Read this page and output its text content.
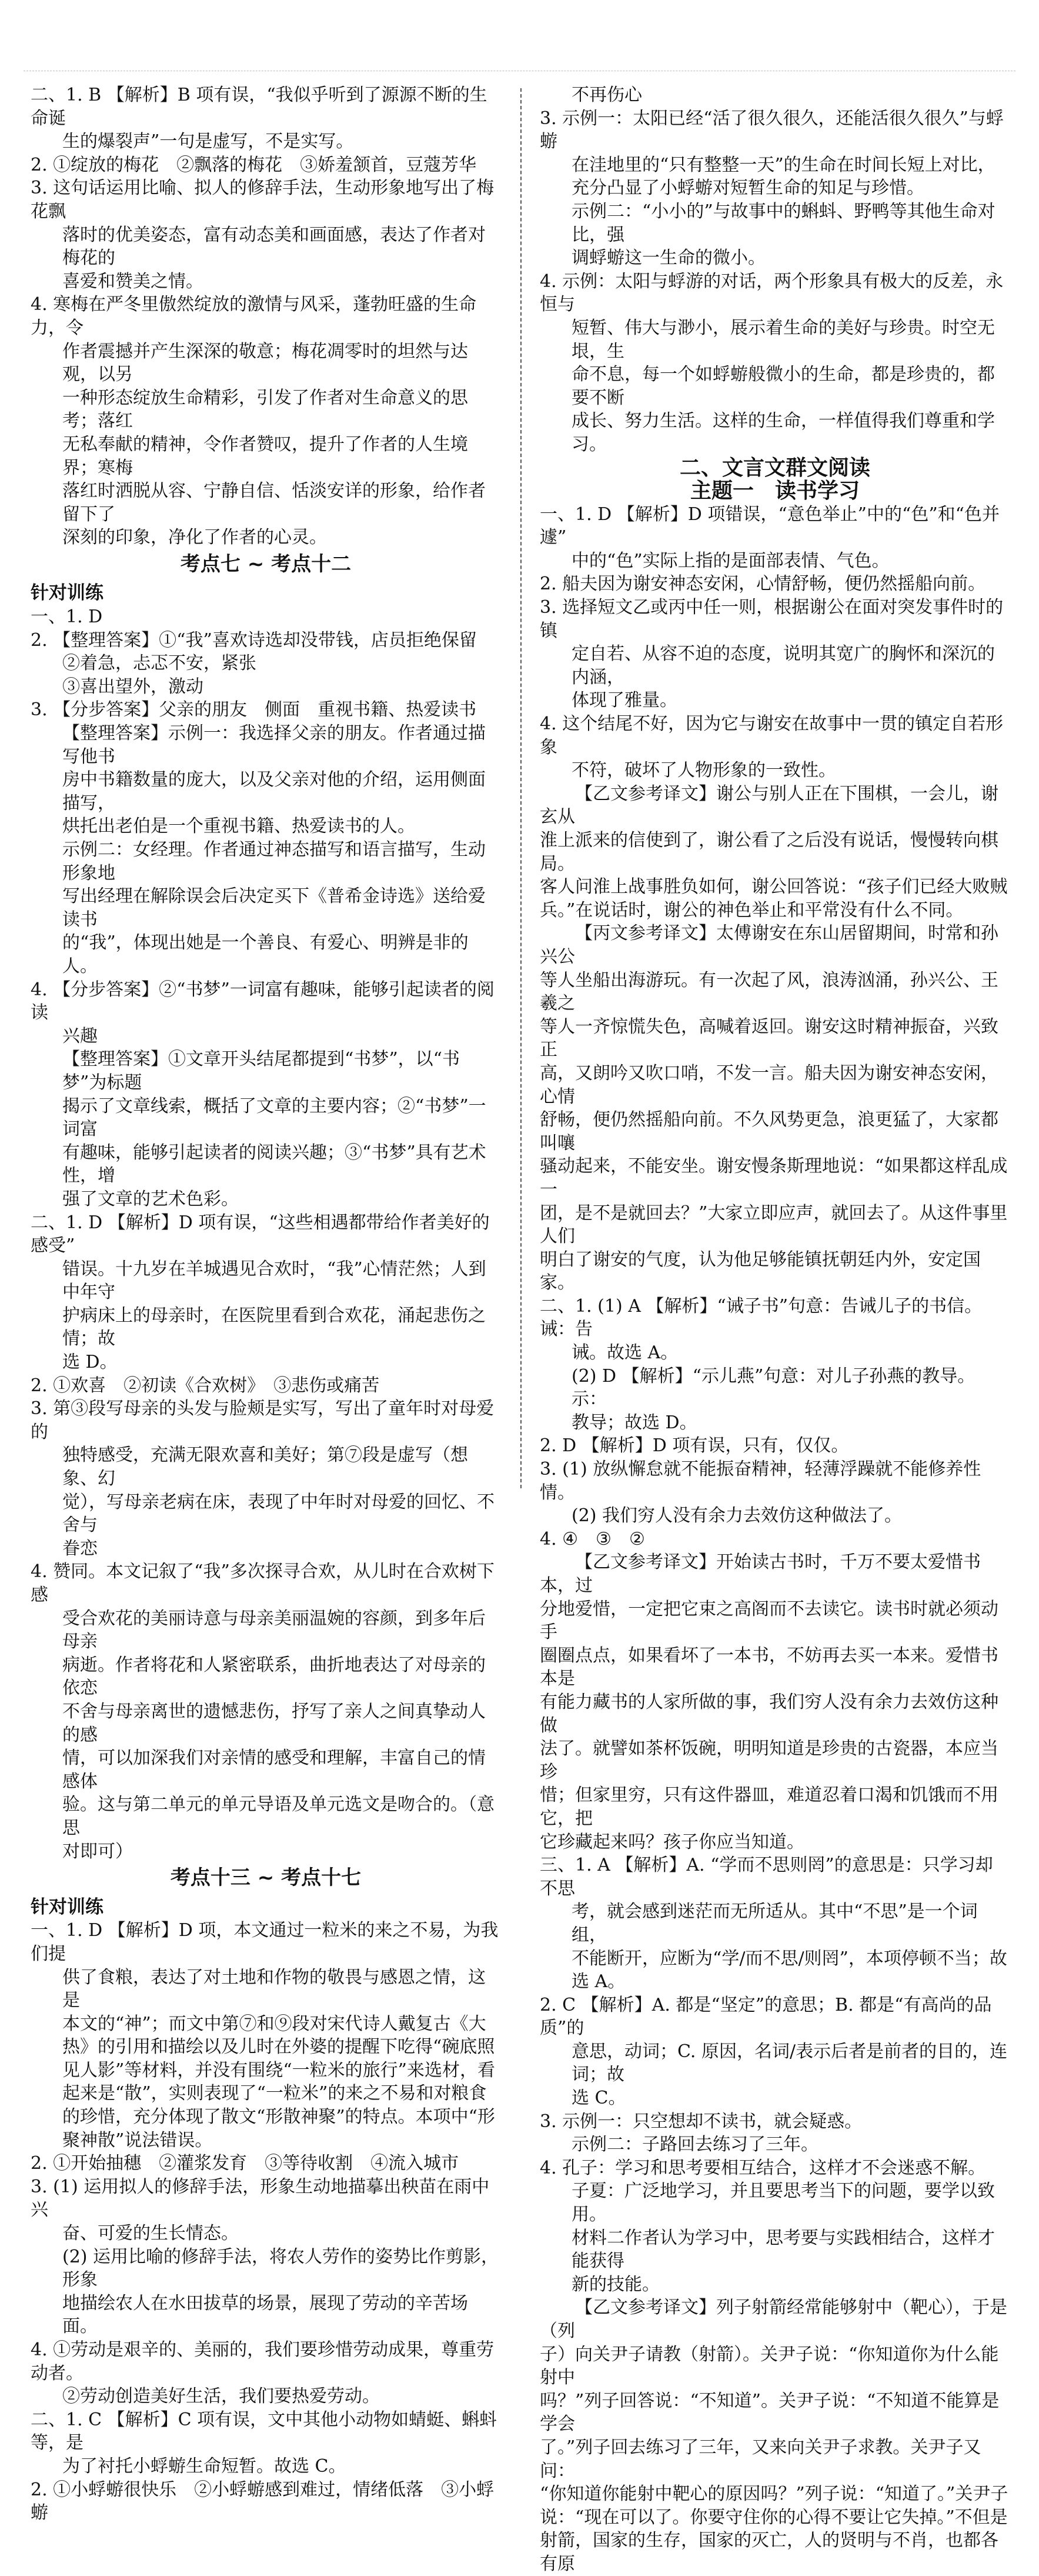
二、1. B 【解析】B 项有误，“我似乎听到了源源不断的生命诞

生的爆裂声”一句是虚写，不是实写。

2. ①绽放的梅花　②飘落的梅花　③娇羞颔首，豆蔻芳华

3. 这句话运用比喻、拟人的修辞手法，生动形象地写出了梅花飘

落时的优美姿态，富有动态美和画面感，表达了作者对梅花的

喜爱和赞美之情。

4. 寒梅在严冬里傲然绽放的激情与风采，蓬勃旺盛的生命力，令

作者震撼并产生深深的敬意；梅花凋零时的坦然与达观，以另

一种形态绽放生命精彩，引发了作者对生命意义的思考；落红

无私奉献的精神，令作者赞叹，提升了作者的人生境界；寒梅

落红时洒脱从容、宁静自信、恬淡安详的形象，给作者留下了

深刻的印象，净化了作者的心灵。

考点七 ~ 考点十二

针对训练

一、1. D

2. 【整理答案】①“我”喜欢诗选却没带钱，店员拒绝保留

②着急，忐忑不安，紧张

③喜出望外，激动

3. 【分步答案】父亲的朋友　侧面　重视书籍、热爱读书

【整理答案】示例一：我选择父亲的朋友。作者通过描写他书

房中书籍数量的庞大，以及父亲对他的介绍，运用侧面描写，

烘托出老伯是一个重视书籍、热爱读书的人。

示例二：女经理。作者通过神态描写和语言描写，生动形象地

写出经理在解除误会后决定买下《普希金诗选》送给爱读书

的“我”，体现出她是一个善良、有爱心、明辨是非的人。

4. 【分步答案】②“书梦”一词富有趣味，能够引起读者的阅读

兴趣

【整理答案】①文章开头结尾都提到“书梦”，以“书梦”为标题

揭示了文章线索，概括了文章的主要内容；②“书梦”一词富

有趣味，能够引起读者的阅读兴趣；③“书梦”具有艺术性，增

强了文章的艺术色彩。

二、1. D 【解析】D 项有误，“这些相遇都带给作者美好的感受”

错误。十九岁在羊城遇见合欢时，“我”心情茫然；人到中年守

护病床上的母亲时，在医院里看到合欢花，涌起悲伤之情；故

选 D。

2. ①欢喜　②初读《合欢树》　③悲伤或痛苦

3. 第③段写母亲的头发与脸颊是实写，写出了童年时对母爱的

独特感受，充满无限欢喜和美好；第⑦段是虚写（想象、幻

觉），写母亲老病在床，表现了中年时对母爱的回忆、不舍与

眷恋

4. 赞同。本文记叙了“我”多次探寻合欢，从儿时在合欢树下感

受合欢花的美丽诗意与母亲美丽温婉的容颜，到多年后母亲

病逝。作者将花和人紧密联系，曲折地表达了对母亲的依恋

不舍与母亲离世的遗憾悲伤，抒写了亲人之间真挚动人的感

情，可以加深我们对亲情的感受和理解，丰富自己的情感体

验。这与第二单元的单元导语及单元选文是吻合的。（意思

对即可）

考点十三 ~ 考点十七

针对训练

一、1. D 【解析】D 项，本文通过一粒米的来之不易，为我们提

供了食粮，表达了对土地和作物的敬畏与感恩之情，这是

本文的“神”；而文中第⑦和⑨段对宋代诗人戴复古《大

热》的引用和描绘以及儿时在外婆的提醒下吃得“碗底照

见人影”等材料，并没有围绕“一粒米的旅行”来选材，看

起来是“散”，实则表现了“一粒米”的来之不易和对粮食

的珍惜，充分体现了散文“形散神聚”的特点。本项中“形

聚神散”说法错误。

2. ①开始抽穗　②灌浆发育　③等待收割　④流入城市

3. (1) 运用拟人的修辞手法，形象生动地描摹出秧苗在雨中兴

奋、可爱的生长情态。

(2) 运用比喻的修辞手法，将农人劳作的姿势比作剪影，形象

地描绘农人在水田拔草的场景，展现了劳动的辛苦场面。

4. ①劳动是艰辛的、美丽的，我们要珍惜劳动成果，尊重劳动者。

②劳动创造美好生活，我们要热爱劳动。

二、1. C 【解析】C 项有误，文中其他小动物如蜻蜓、蝌蚪等，是

为了衬托小蜉蝣生命短暂。故选 C。

2. ①小蜉蝣很快乐　②小蜉蝣感到难过，情绪低落　③小蜉蝣

不再伤心

3. 示例一：太阳已经“活了很久很久，还能活很久很久”与蜉蝣

在洼地里的“只有整整一天”的生命在时间长短上对比，

充分凸显了小蜉蝣对短暂生命的知足与珍惜。

示例二：“小小的”与故事中的蝌蚪、野鸭等其他生命对比，强

调蜉蝣这一生命的微小。

4. 示例：太阳与蜉游的对话，两个形象具有极大的反差，永恒与

短暂、伟大与渺小，展示着生命的美好与珍贵。时空无垠，生

命不息，每一个如蜉蝣般微小的生命，都是珍贵的，都要不断

成长、努力生活。这样的生命，一样值得我们尊重和学习。

二、文言文群文阅读

主题一　读书学习

一、1. D 【解析】D 项错误，“意色举止”中的“色”和“色并遽”

中的“色”实际上指的是面部表情、气色。

2. 船夫因为谢安神态安闲，心情舒畅，便仍然摇船向前。

3. 选择短文乙或丙中任一则，根据谢公在面对突发事件时的镇

定自若、从容不迫的态度，说明其宽广的胸怀和深沉的内涵，

体现了雅量。

4. 这个结尾不好，因为它与谢安在故事中一贯的镇定自若形象

不符，破坏了人物形象的一致性。

【乙文参考译文】谢公与别人正在下围棋，一会儿，谢玄从

淮上派来的信使到了，谢公看了之后没有说话，慢慢转向棋局。

客人问淮上战事胜负如何，谢公回答说：“孩子们已经大败贼

兵。”在说话时，谢公的神色举止和平常没有什么不同。

【丙文参考译文】太傅谢安在东山居留期间，时常和孙兴公

等人坐船出海游玩。有一次起了风，浪涛汹涌，孙兴公、王羲之

等人一齐惊慌失色，高喊着返回。谢安这时精神振奋，兴致正

高，又朗吟又吹口哨，不发一言。船夫因为谢安神态安闲，心情

舒畅，便仍然摇船向前。不久风势更急，浪更猛了，大家都叫嚷

骚动起来，不能安坐。谢安慢条斯理地说：“如果都这样乱成一

团，是不是就回去？”大家立即应声，就回去了。从这件事里人们

明白了谢安的气度，认为他足够能镇抚朝廷内外，安定国家。

二、1. (1) A 【解析】“诫子书”句意：告诫儿子的书信。诫：告

诫。故选 A。

(2) D 【解析】“示儿燕”句意：对儿子孙燕的教导。示：

教导；故选 D。

2. D 【解析】D 项有误，只有，仅仅。

3. (1) 放纵懈怠就不能振奋精神，轻薄浮躁就不能修养性情。

(2) 我们穷人没有余力去效仿这种做法了。

4. ④　③　②

【乙文参考译文】开始读古书时，千万不要太爱惜书本，过

分地爱惜，一定把它束之高阁而不去读它。读书时就必须动手

圈圈点点，如果看坏了一本书，不妨再去买一本来。爱惜书本是

有能力藏书的人家所做的事，我们穷人没有余力去效仿这种做

法了。就譬如茶杯饭碗，明明知道是珍贵的古瓷器，本应当珍

惜；但家里穷，只有这件器皿，难道忍着口渴和饥饿而不用它，把

它珍藏起来吗？孩子你应当知道。

三、1. A 【解析】A. “学而不思则罔”的意思是：只学习却不思

考，就会感到迷茫而无所适从。其中“不思”是一个词组，

不能断开，应断为“学/而不思/则罔”，本项停顿不当；故

选 A。

2. C 【解析】A. 都是“坚定”的意思；B. 都是“有高尚的品质”的

意思，动词；C. 原因，名词/表示后者是前者的目的，连词；故

选 C。

3. 示例一：只空想却不读书，就会疑惑。

示例二：子路回去练习了三年。

4. 孔子：学习和思考要相互结合，这样才不会迷惑不解。

子夏：广泛地学习，并且要思考当下的问题，要学以致用。

材料二作者认为学习中，思考要与实践相结合，这样才能获得

新的技能。

【乙文参考译文】列子射箭经常能够射中（靶心），于是（列

子）向关尹子请教（射箭）。关尹子说：“你知道你为什么能射中

吗？”列子回答说：“不知道”。关尹子说：“不知道不能算是学会

了。”列子回去练习了三年，又来向关尹子求教。关尹子又问：

“你知道你能射中靶心的原因吗？”列子说：“知道了。”关尹子

说：“现在可以了。你要守住你的心得不要让它失掉。”不但是

射箭，国家的生存，国家的灭亡，人的贤明与不肖，也都各有原
